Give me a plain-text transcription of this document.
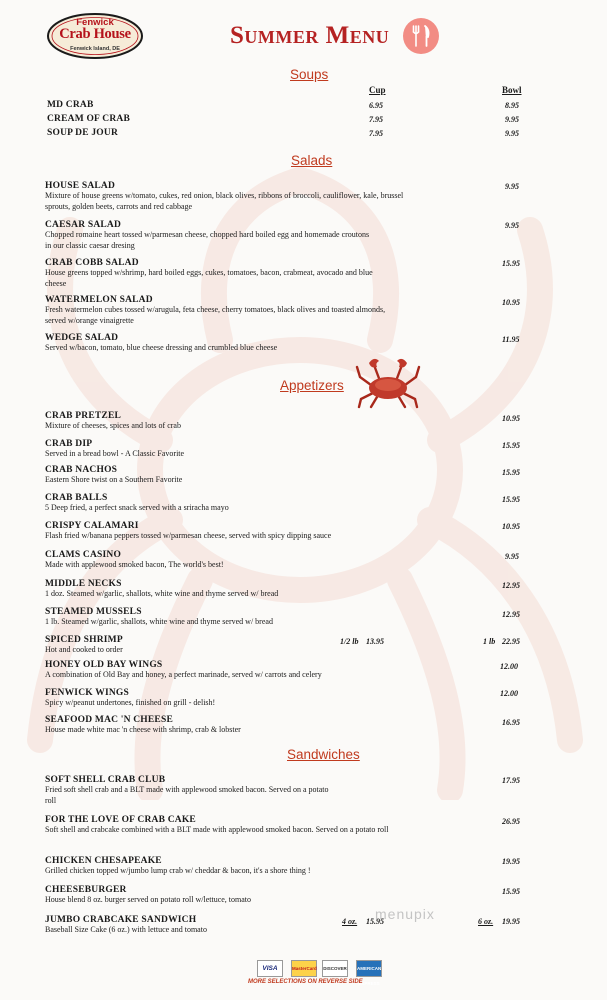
Fenwick
Crab House
Fenwick Island, DE	Summer Menu
Soups
Cup	Bowl
MD CRAB	6.95	8.95
CREAM OF CRAB	7.95	9.95
SOUP DE JOUR	7.95	9.95
Salads
HOUSE SALAD
Mixture of house greens w/tomato, cukes, red onion, black olives, ribbons of broccoli, cauliflower, kale, brussel sprouts, golden beets, carrots and red cabbage
9.95
CAESAR SALAD
Chopped romaine heart tossed w/parmesan cheese, chopped hard boiled egg and homemade croutons in our classic caesar dresing
9.95
CRAB COBB SALAD
House greens topped w/shrimp, hard boiled eggs, cukes, tomatoes, bacon, crabmeat, avocado and blue cheese
15.95
WATERMELON SALAD
Fresh watermelon cubes tossed w/arugula, feta cheese, cherry tomatoes, black olives and toasted almonds, served w/orange vinaigrette
10.95
WEDGE SALAD
Served w/bacon, tomato, blue cheese dressing and crumbled blue cheese
11.95
Appetizers
CRAB PRETZEL
Mixture of cheeses, spices and lots of crab
10.95
CRAB DIP
Served in a bread bowl - A Classic Favorite
15.95
CRAB NACHOS
Eastern Shore twist on a Southern Favorite
15.95
CRAB BALLS
5 Deep fried, a perfect snack served with a sriracha mayo
15.95
CRISPY CALAMARI
Flash fried w/banana peppers tossed w/parmesan cheese, served with spicy dipping sauce
10.95
CLAMS CASINO
Made with applewood smoked bacon, The world's best!
9.95
MIDDLE NECKS
1 doz. Steamed w/garlic, shallots, white wine and thyme served w/ bread
12.95
STEAMED MUSSELS
1 lb. Steamed w/garlic, shallots, white wine and thyme served w/ bread
12.95
SPICED SHRIMP
Hot and cooked to order
1/2 lb 13.95	1 lb 22.95
HONEY OLD BAY WINGS
A combination of Old Bay and honey, a perfect marinade, served w/ carrots and celery
12.00
FENWICK WINGS
Spicy w/peanut undertones, finished on grill - delish!
12.00
SEAFOOD MAC 'N CHEESE
House made white mac 'n cheese with shrimp, crab & lobster
16.95
Sandwiches
SOFT SHELL CRAB CLUB
Fried soft shell crab and a BLT made with applewood smoked bacon. Served on a potato roll
17.95
FOR THE LOVE OF CRAB CAKE
Soft shell and crabcake combined with a BLT made with applewood smoked bacon. Served on a potato roll
26.95
CHICKEN CHESAPEAKE
Grilled chicken topped w/jumbo lump crab w/ cheddar & bacon, it's a shore thing !
19.95
CHEESEBURGER
House blend 8 oz. burger served on potato roll w/lettuce, tomato
15.95
JUMBO CRABCAKE SANDWICH
Baseball Size Cake (6 oz.) with lettuce and tomato
4 oz. 15.95	6 oz. 19.95
menupix
VISA	MasterCard DISCOVER AMERICAN EXPRESS
MORE SELECTIONS ON REVERSE SIDE
